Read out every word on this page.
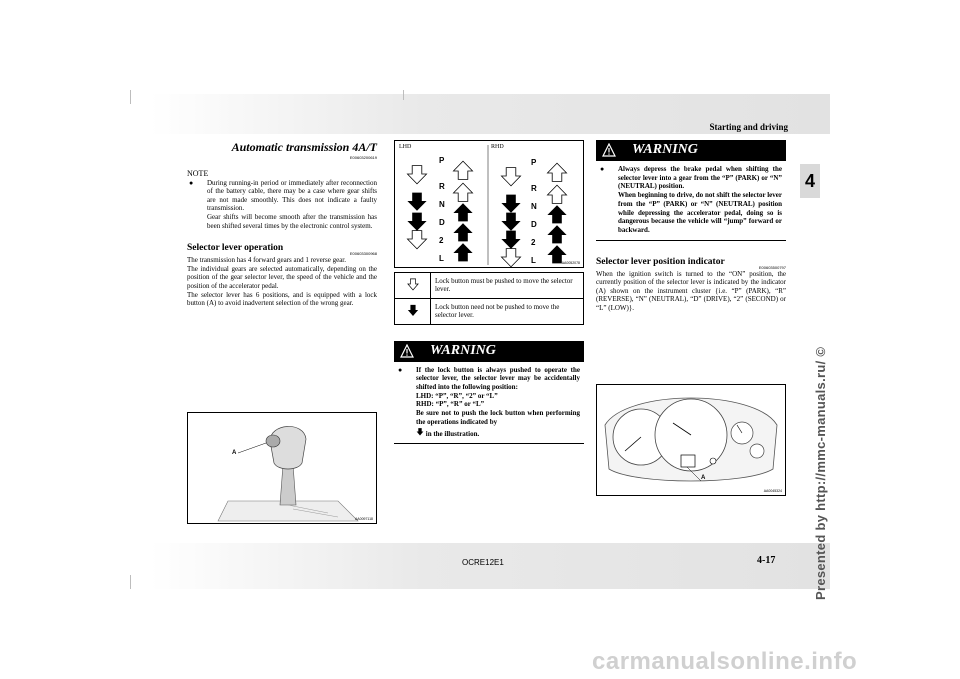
Starting and driving
4
Presented by http://mmc-manuals.ru/ ©
OCRE12E1	4-17
carmanualsonline.info
Automatic transmission 4A/T
E00603200619
NOTE
● During running-in period or immediately after reconnection of the battery cable, there may be a case where gear shifts are not made smoothly. This does not indicate a faulty transmission.
Gear shifts will become smooth after the transmission has been shifted several times by the electronic control system.
Selector lever operation
E00603300968

The transmission has 4 forward gears and 1 reverse gear.

The individual gears are selected automatically, depending on the position of the gear selector lever, the speed of the vehicle and the position of the accelerator pedal.

The selector lever has 6 positions, and is equipped with a lock button (A) to avoid inadvertent selection of the wrong gear.

A
AA0097118
P
R
N
D
2
L
P
R
N
D
2
L
LHD	RHD
AA0052078
	Lock button must be pushed to move the selector lever.
	Lock button need not be pushed to move the selector lever.
WARNING
● If the lock button is always pushed to operate the selector lever, the selector lever may be accidentally shifted into the following position:
LHD: “P”, “R”, “2” or “L”
RHD: “P”, “R” or “L”
Be sure not to push the lock button when performing the operations indicated by
in the illustration.
WARNING
● Always depress the brake pedal when shifting the selector lever into a gear from the “P” (PARK) or “N” (NEUTRAL) position.
When beginning to drive, do not shift the selector lever from the “P” (PARK) or “N” (NEUTRAL) position while depressing the accelerator pedal, doing so is dangerous because the vehicle will “jump” forward or backward.
Selector lever position indicator
E00603500797

When the ignition switch is turned to the “ON” position, the currently position of the selector lever is indicated by the indicator (A) shown on the instrument cluster {i.e. “P” (PARK), “R” (REVERSE), “N” (NEUTRAL), “D” (DRIVE), “2” (SECOND) or “L” (LOW)}.

A
AA0045324
